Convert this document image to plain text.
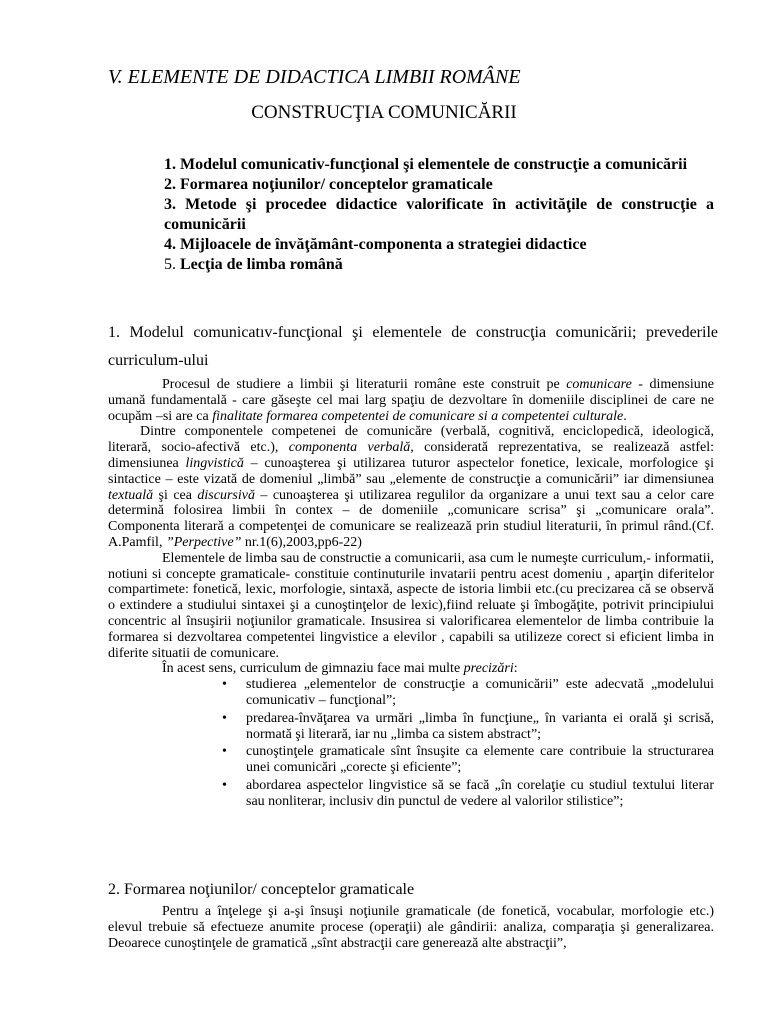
V. ELEMENTE DE DIDACTICA LIMBII ROMÂNE
CONSTRUCŢIA COMUNICĂRII
1. Modelul comunicativ-funcţional şi elementele de construcţie a comunicării
2. Formarea noţiunilor/ conceptelor gramaticale
3. Metode şi procedee didactice valorificate în activităţile de construcţie a comunicării
4. Mijloacele de învăţământ-componenta a strategiei didactice
5. Lecţia de limba română
1. Modelul comunicatıv-funcţional şi elementele de construcţia comunicării; prevederile curriculum-ului

Procesul de studiere a limbii şi literaturii române este construit pe comunicare - dimensiune umană fundamentală - care găseşte cel mai larg spaţiu de dezvoltare în domeniile disciplinei de care ne ocupăm –si are ca finalitate formarea competentei de comunicare si a competentei culturale.

Dintre componentele competenei de comunicăre (verbală, cognitivă, enciclopedică, ideologică, literară, socio-afectivă etc.), componenta verbală, considerată reprezentativa, se realizează astfel: dimensiunea lingvistică – cunoaşterea şi utilizarea tuturor aspectelor fonetice, lexicale, morfologice şi sintactice – este vizată de domeniul „limbă” sau „elemente de construcţie a comunicării” iar dimensiunea textuală şi cea discursivă – cunoaşterea şi utilizarea regulilor da organizare a unui text sau a celor care determină folosirea limbii în contex – de domeniile „comunicare scrisa” şi „comunicare orala”. Componenta literară a competenţei de comunicare se realizează prin studiul literaturii, în primul rând.(Cf. A.Pamfil, ”Perpective” nr.1(6),2003,pp6-22)

Elementele de limba sau de constructie a comunicarii, asa cum le numeşte curriculum,- informatii, notiuni si concepte gramaticale- constituie continuturile invatarii pentru acest domeniu , aparţin diferitelor compartimete: fonetică, lexic, morfologie, sintaxă, aspecte de istoria limbii etc.(cu precizarea că se observă o extindere a studiului sintaxei şi a cunoştinţelor de lexic),fiind reluate şi îmbogăţite, potrivit principiului concentric al însuşirii noţiunilor gramaticale. Insusirea si valorificarea elementelor de limba contribuie la formarea si dezvoltarea competentei lingvistice a elevilor , capabili sa utilizeze corect si eficient limba in diferite situatii de comunicare.

În acest sens, curriculum de gimnaziu face mai multe precizări:

• studierea „elementelor de construcţie a comunicării” este adecvată „modelului comunicativ – funcţional”;
• predarea-învăţarea va urmări „limba în funcţiune„ în varianta ei orală şi scrisă, normată şi literară, iar nu „limba ca sistem abstract”;
• cunoştinţele gramaticale sînt însuşite ca elemente care contribuie la structurarea unei comunicări „corecte şi eficiente”;
• abordarea aspectelor lingvistice să se facă „în corelaţie cu studiul textului literar sau nonliterar, inclusiv din punctul de vedere al valorilor stilistice”;
2. Formarea noţiunilor/ conceptelor gramaticale

Pentru a înţelege şi a-şi însuşi noţiunile gramaticale (de fonetică, vocabular, morfologie etc.) elevul trebuie să efectueze anumite procese (operaţii) ale gândirii: analiza, comparaţia şi generalizarea. Deoarece cunoştinţele de gramatică „sînt abstracţii care generează alte abstracţii”,
